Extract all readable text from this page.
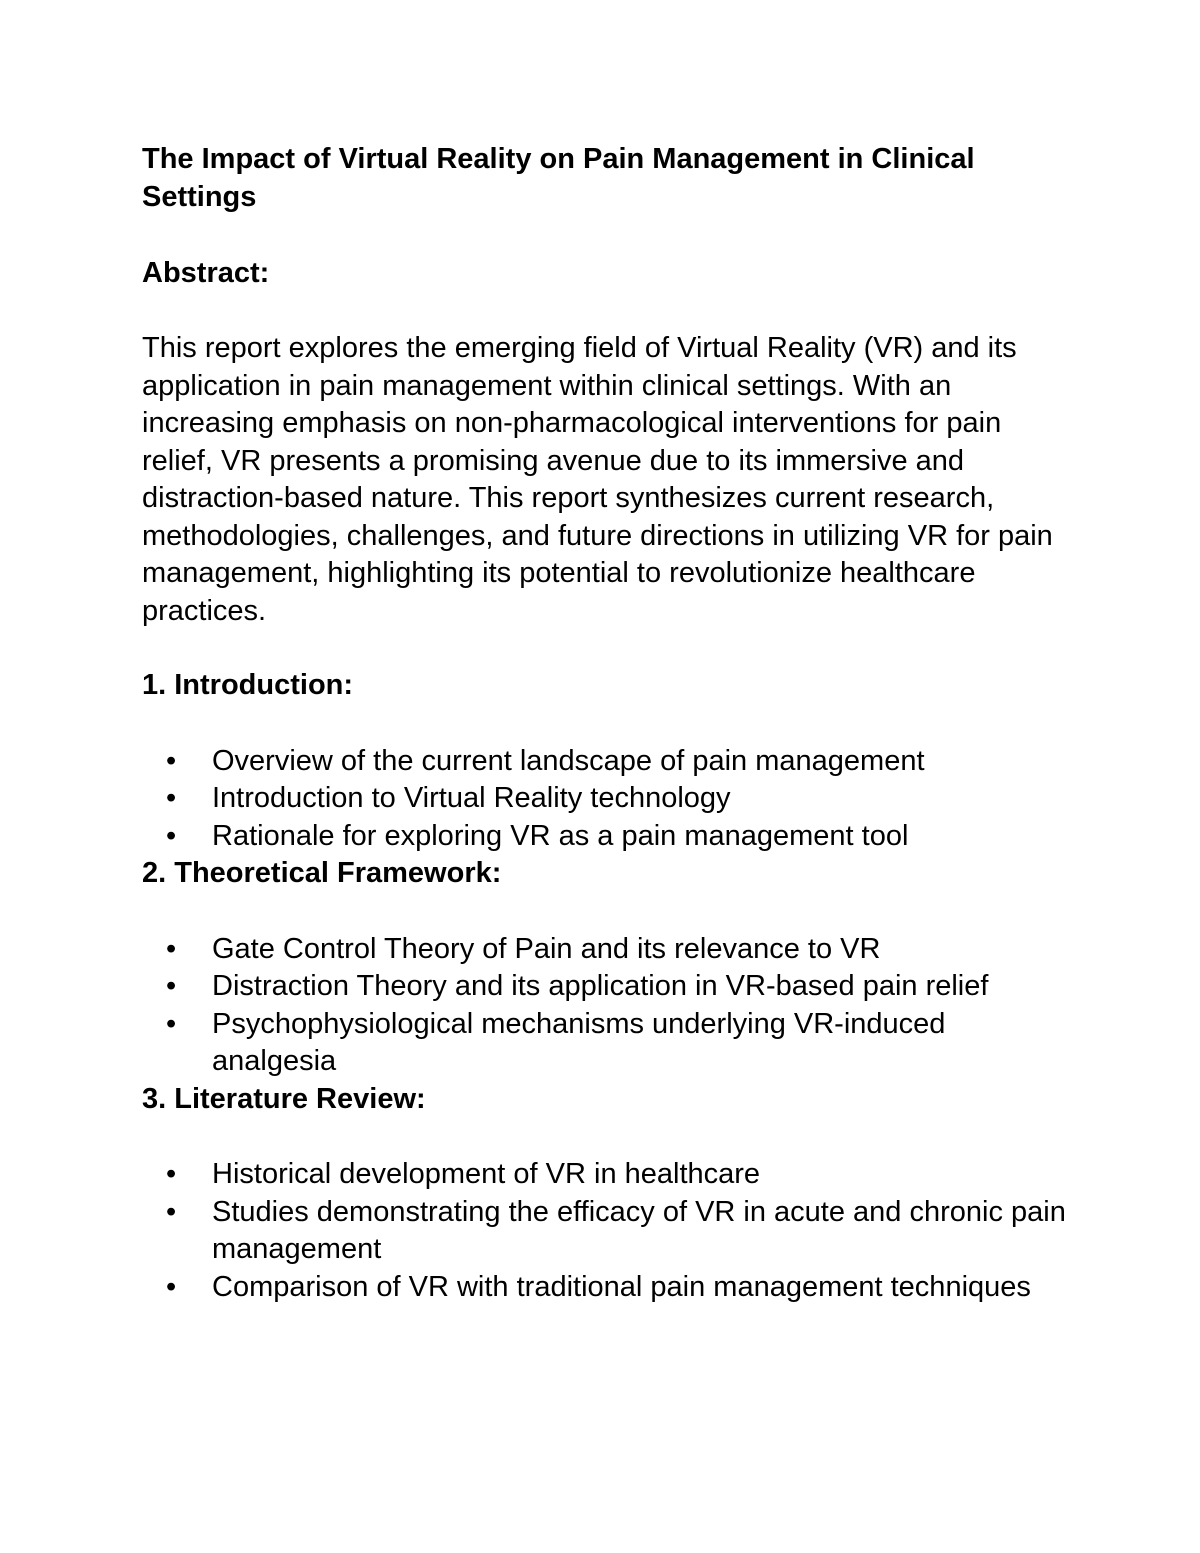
The Impact of Virtual Reality on Pain Management in Clinical Settings
Abstract:

This report explores the emerging field of Virtual Reality (VR) and its application in pain management within clinical settings. With an increasing emphasis on non-pharmacological interventions for pain relief, VR presents a promising avenue due to its immersive and distraction-based nature. This report synthesizes current research, methodologies, challenges, and future directions in utilizing VR for pain management, highlighting its potential to revolutionize healthcare practices.

1. Introduction:
• Overview of the current landscape of pain management
• Introduction to Virtual Reality technology
• Rationale for exploring VR as a pain management tool
2. Theoretical Framework:
• Gate Control Theory of Pain and its relevance to VR
• Distraction Theory and its application in VR-based pain relief
• Psychophysiological mechanisms underlying VR-induced analgesia
3. Literature Review:
• Historical development of VR in healthcare
• Studies demonstrating the efficacy of VR in acute and chronic pain management
• Comparison of VR with traditional pain management techniques
